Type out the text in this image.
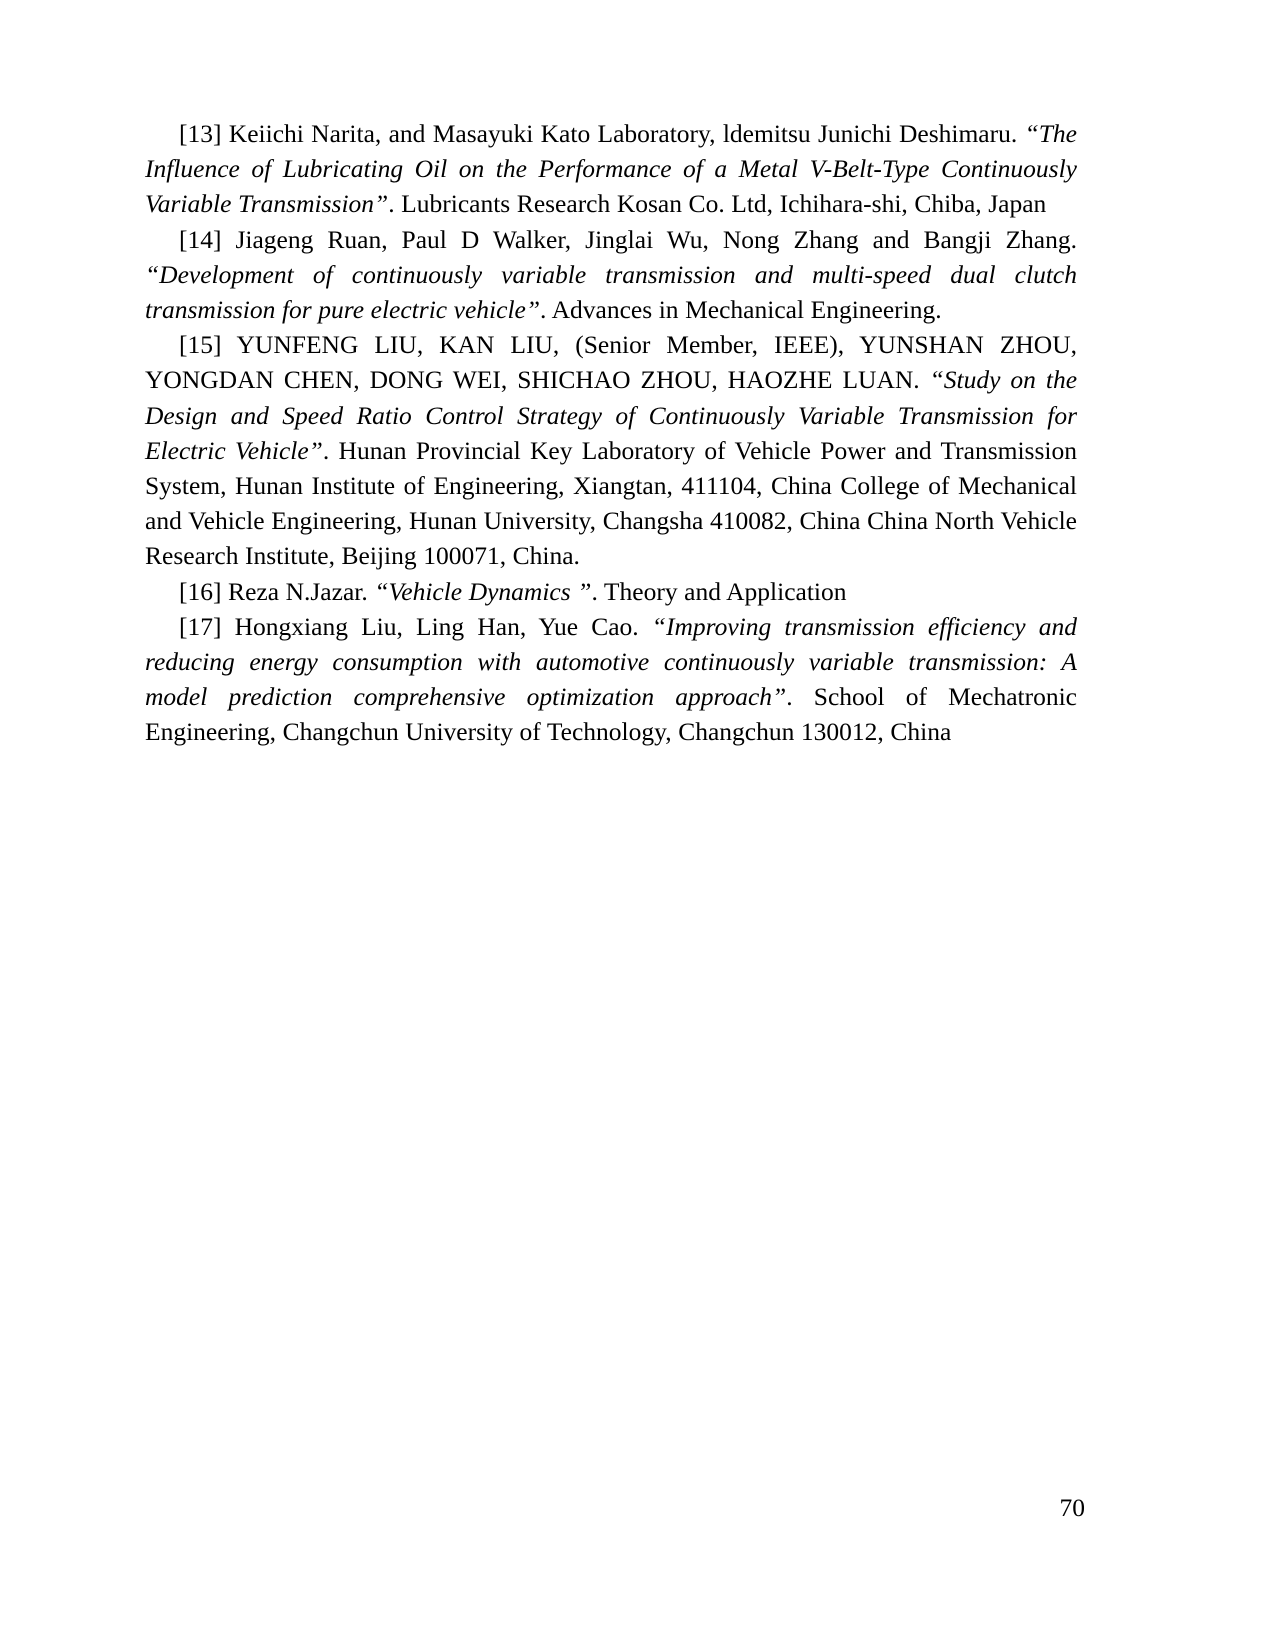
[13] Keiichi Narita, and Masayuki Kato Laboratory, ldemitsu Junichi Deshimaru. “The Influence of Lubricating Oil on the Performance of a Metal V-Belt-Type Continuously Variable Transmission”. Lubricants Research Kosan Co. Ltd, Ichihara-shi, Chiba, Japan

[14] Jiageng Ruan, Paul D Walker, Jinglai Wu, Nong Zhang and Bangji Zhang. “Development of continuously variable transmission and multi-speed dual clutch transmission for pure electric vehicle”. Advances in Mechanical Engineering.

[15] YUNFENG LIU, KAN LIU, (Senior Member, IEEE), YUNSHAN ZHOU, YONGDAN CHEN, DONG WEI, SHICHAO ZHOU, HAOZHE LUAN. “Study on the Design and Speed Ratio Control Strategy of Continuously Variable Transmission for Electric Vehicle”. Hunan Provincial Key Laboratory of Vehicle Power and Transmission System, Hunan Institute of Engineering, Xiangtan, 411104, China College of Mechanical and Vehicle Engineering, Hunan University, Changsha 410082, China China North Vehicle Research Institute, Beijing 100071, China.

[16] Reza N.Jazar. “Vehicle Dynamics ”. Theory and Application

[17] Hongxiang Liu, Ling Han, Yue Cao. “Improving transmission efficiency and reducing energy consumption with automotive continuously variable transmission: A model prediction comprehensive optimization approach”. School of Mechatronic Engineering, Changchun University of Technology, Changchun 130012, China

70
